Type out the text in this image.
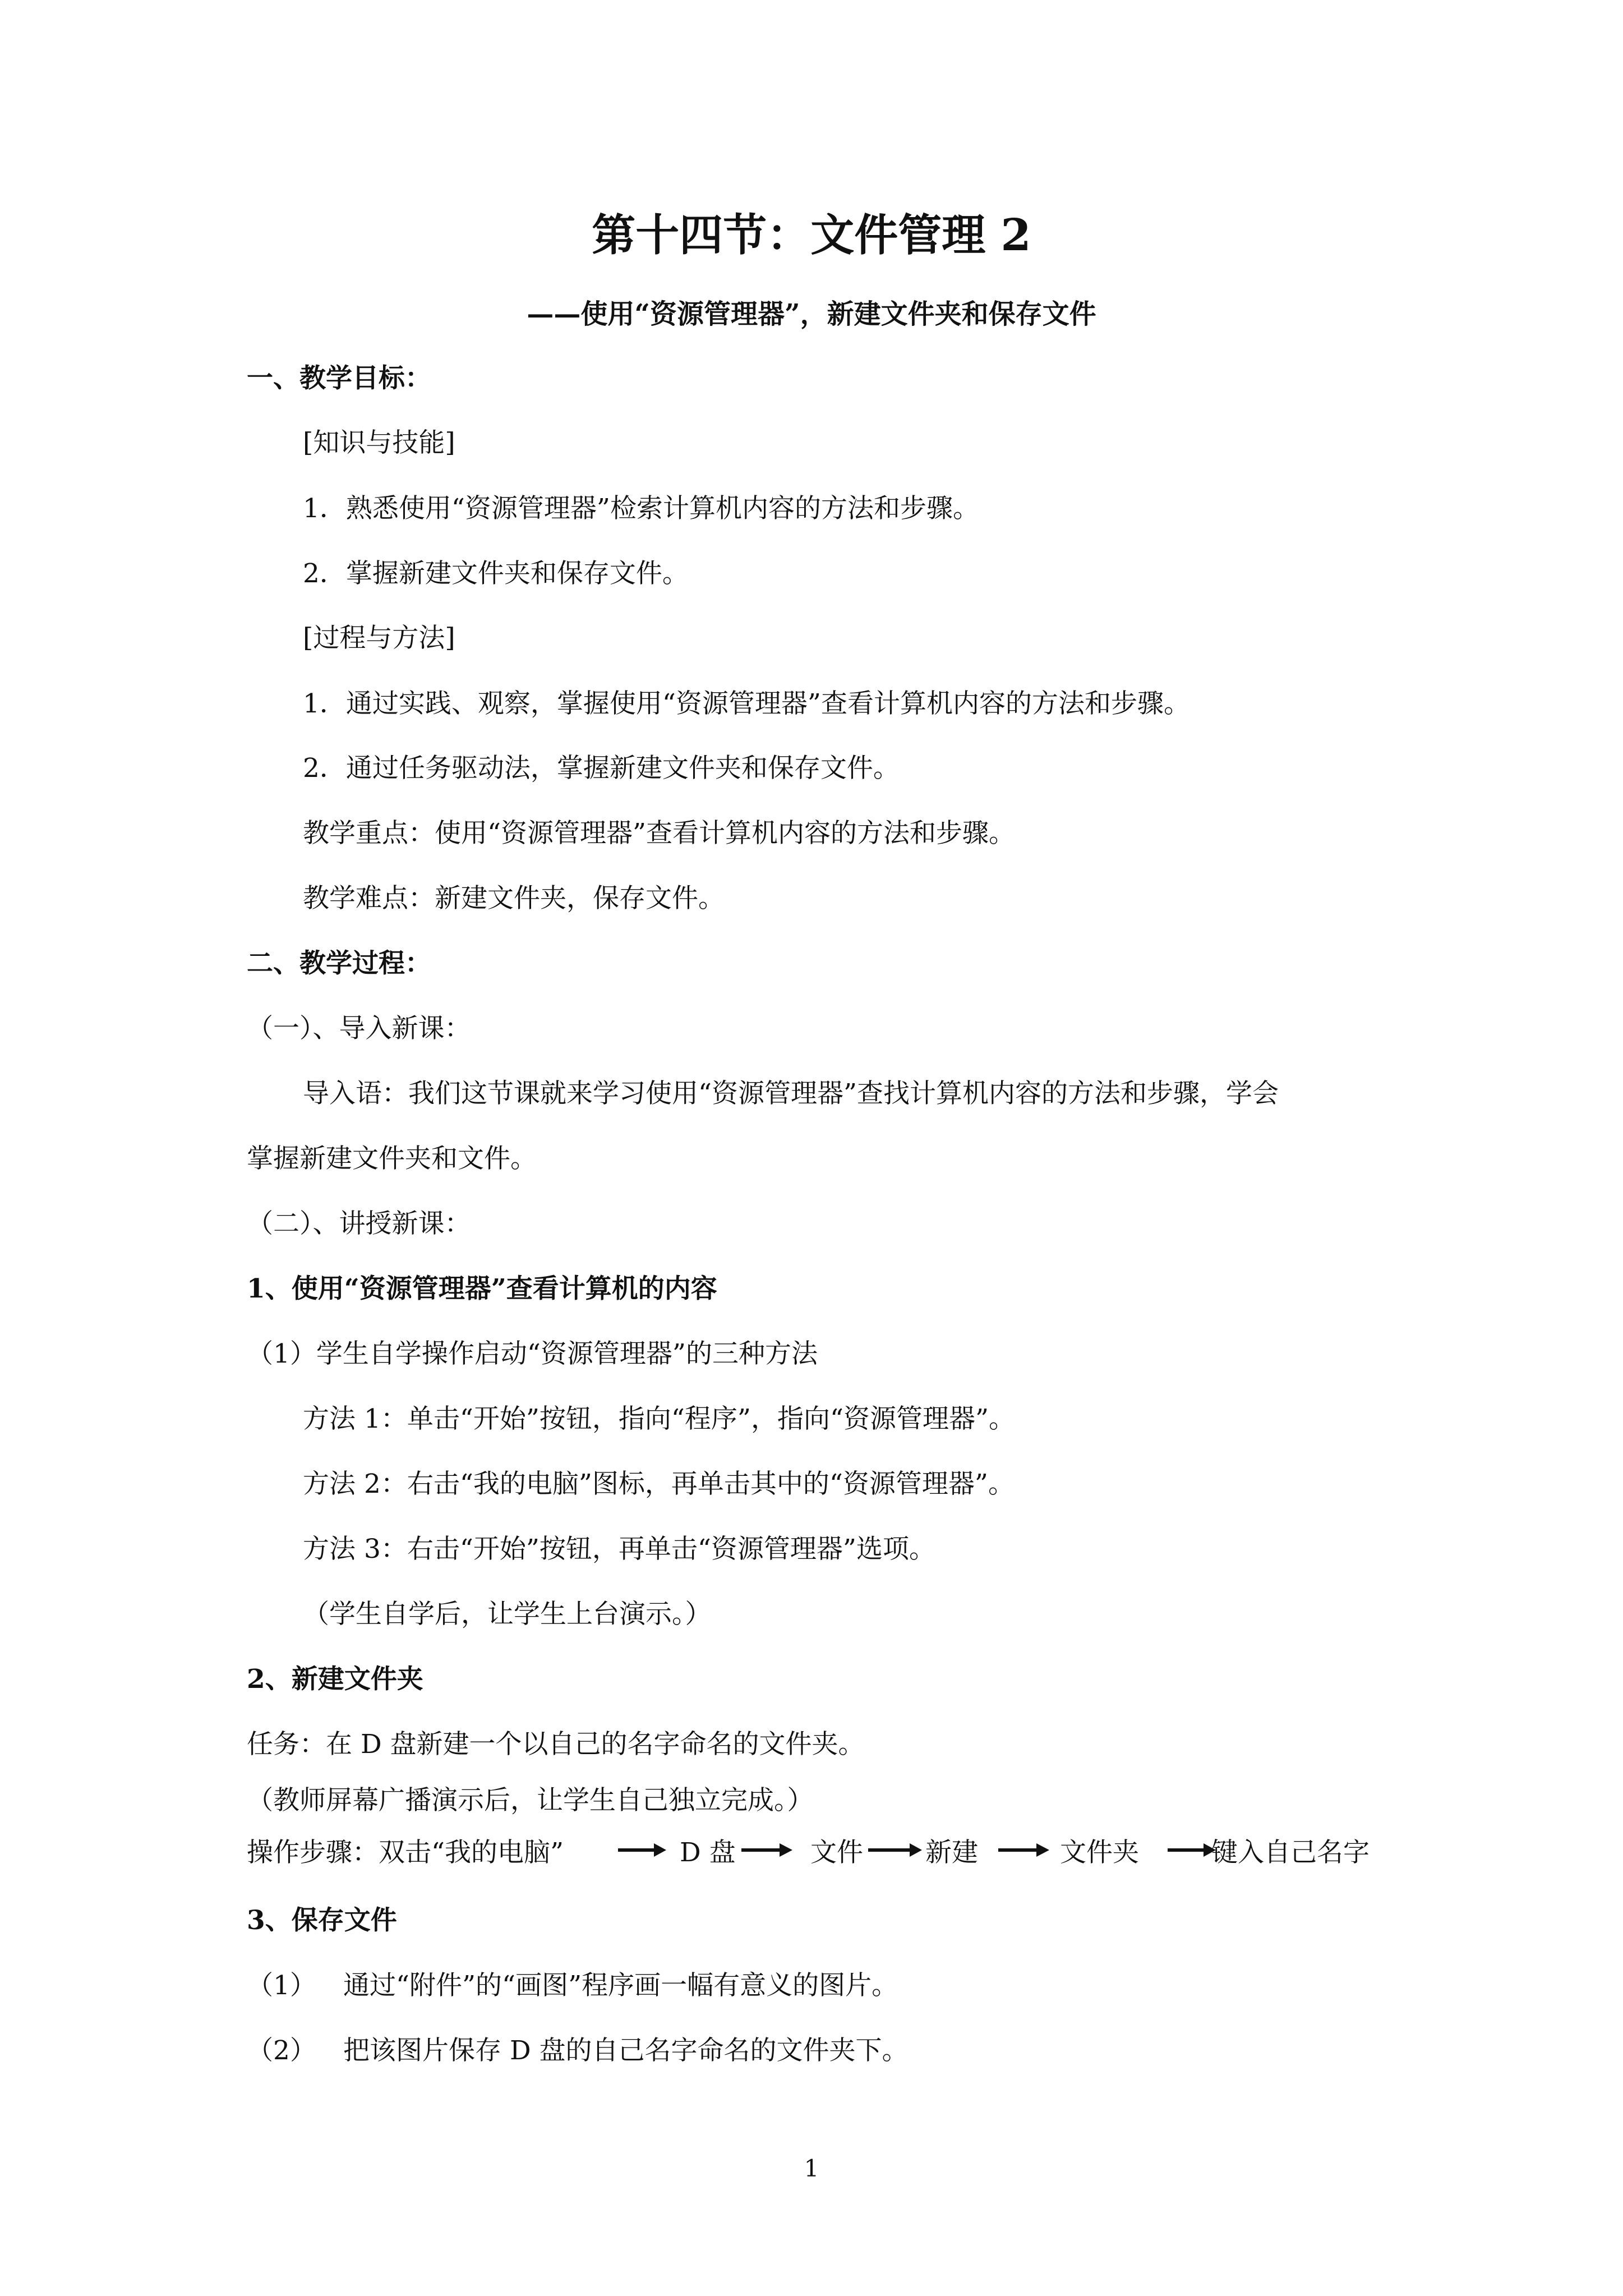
第十四节：文件管理 2
——使用“资源管理器”，新建文件夹和保存文件
一、教学目标：
[知识与技能]
1．熟悉使用“资源管理器”检索计算机内容的方法和步骤。
2．掌握新建文件夹和保存文件。
[过程与方法]
1．通过实践、观察，掌握使用“资源管理器”查看计算机内容的方法和步骤。
2．通过任务驱动法，掌握新建文件夹和保存文件。
教学重点：使用“资源管理器”查看计算机内容的方法和步骤。
教学难点：新建文件夹，保存文件。
二、教学过程：
（一）、导入新课：
导入语：我们这节课就来学习使用“资源管理器”查找计算机内容的方法和步骤，学会
掌握新建文件夹和文件。
（二）、讲授新课：
1、使用“资源管理器”查看计算机的内容
（1）学生自学操作启动“资源管理器”的三种方法
方法 1：单击“开始”按钮，指向“程序”，指向“资源管理器”。
方法 2：右击“我的电脑”图标，再单击其中的“资源管理器”。
方法 3：右击“开始”按钮，再单击“资源管理器”选项。
（学生自学后，让学生上台演示。）
2、新建文件夹
任务：在 D 盘新建一个以自己的名字命名的文件夹。
（教师屏幕广播演示后，让学生自己独立完成。）
操作步骤：双击“我的电脑”	D 盘	文件 新建	文件夹	键入自己名字
3、保存文件
（1） 通过“附件”的“画图”程序画一幅有意义的图片。
（2） 把该图片保存 D 盘的自己名字命名的文件夹下。
1
